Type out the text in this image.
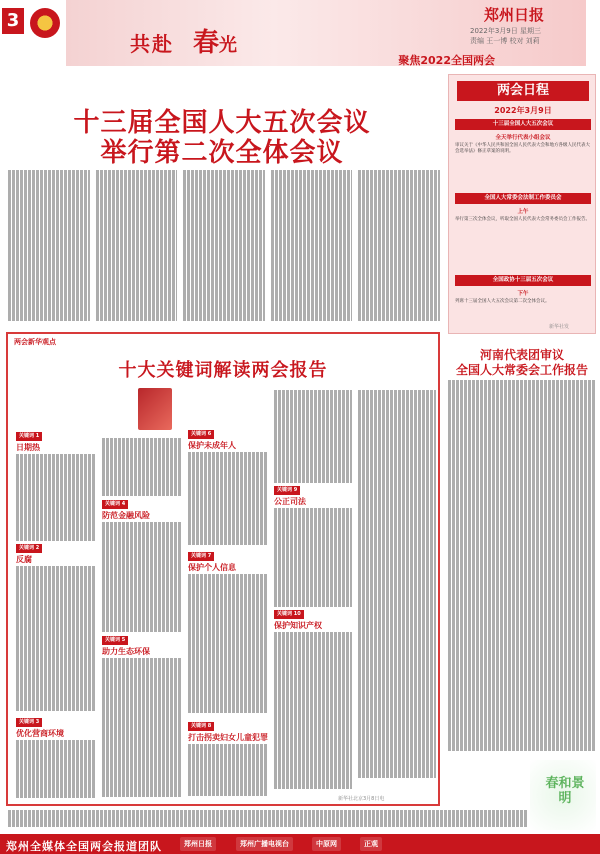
3
共赴 春光
郑州日报
2022年3月9日 星期三
责编 王一博 校对 刘莉
聚焦2022全国两会
十三届全国人大五次会议
举行第二次全体会议
两会日程
2022年3月9日
十三届全国人大五次会议
全天举行代表小组会议
审议关于《中华人民共和国全国人民代表大会和地方各级人民代表大会选举法》修正草案的说明。
全国人大常委会法制工作委员会
上午
举行第三次全体会议，听取全国人民代表大会常务委员会工作报告。
全国政协十三届五次会议
下午
列席十三届全国人大五次会议第二次全体会议。
新华社发
河南代表团审议
全国人大常委会工作报告
两会新华观点
十大关键词解读两会报告
关键词 1
日期热
关键词 2
反腐
关键词 3
优化营商环境
关键词 4
防范金融风险
关键词 5
助力生态环保
关键词 6
保护未成年人
关键词 7
保护个人信息
关键词 8
打击拐卖妇女儿童犯罪
关键词 9
公正司法
关键词 10
保护知识产权
新华社北京3月8日电
春和景明
郑州全媒体全国两会报道团队	郑州日报	郑州广播电视台	中原网	正观
